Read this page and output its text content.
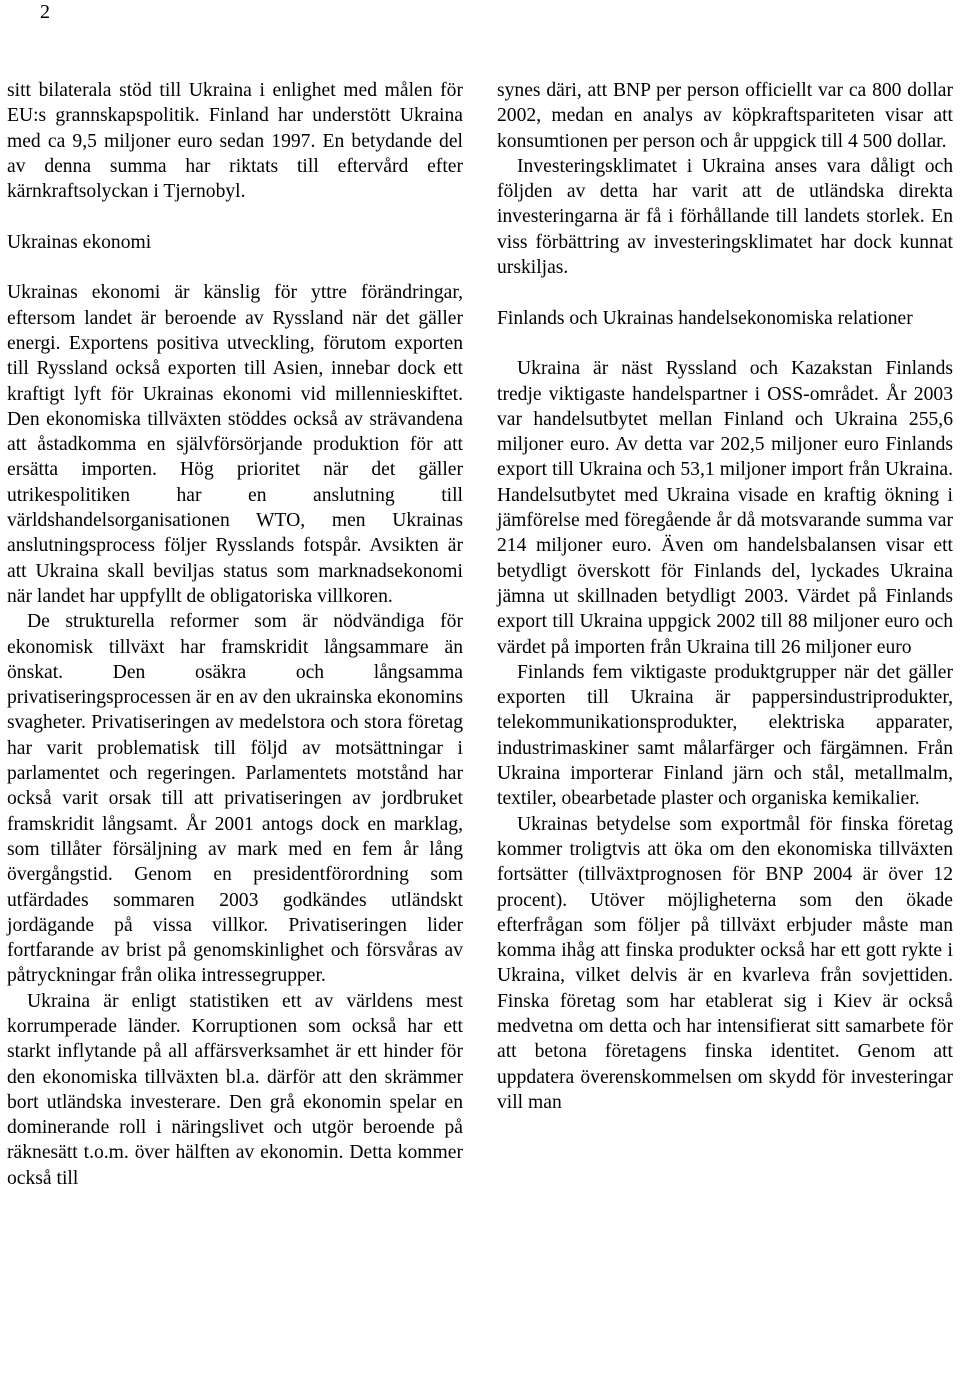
2

sitt bilaterala stöd till Ukraina i enlighet med målen för EU:s grannskapspolitik. Finland har understött Ukraina med ca 9,5 miljoner euro sedan 1997. En betydande del av denna summa har riktats till eftervård efter kärnkraftsolyckan i Tjernobyl.

Ukrainas ekonomi

Ukrainas ekonomi är känslig för yttre förändringar, eftersom landet är beroende av Ryssland när det gäller energi. Exportens positiva utveckling, förutom exporten till Ryssland också exporten till Asien, innebar dock ett kraftigt lyft för Ukrainas ekonomi vid millennieskiftet. Den ekonomiska tillväxten stöddes också av strävandena att åstadkomma en självförsörjande produktion för att ersätta importen. Hög prioritet när det gäller utrikespolitiken har en anslutning till världshandelsorganisationen WTO, men Ukrainas anslutningsprocess följer Rysslands fotspår. Avsikten är att Ukraina skall beviljas status som marknadsekonomi när landet har uppfyllt de obligatoriska villkoren.

De strukturella reformer som är nödvändiga för ekonomisk tillväxt har framskridit långsammare än önskat. Den osäkra och långsamma privatiseringsprocessen är en av den ukrainska ekonomins svagheter. Privatiseringen av medelstora och stora företag har varit problematisk till följd av motsättningar i parlamentet och regeringen. Parlamentets motstånd har också varit orsak till att privatiseringen av jordbruket framskridit långsamt. År 2001 antogs dock en marklag, som tillåter försäljning av mark med en fem år lång övergångstid. Genom en presidentförordning som utfärdades sommaren 2003 godkändes utländskt jordägande på vissa villkor. Privatiseringen lider fortfarande av brist på genomskinlighet och försvåras av påtryckningar från olika intressegrupper.

Ukraina är enligt statistiken ett av världens mest korrumperade länder. Korruptionen som också har ett starkt inflytande på all affärsverksamhet är ett hinder för den ekonomiska tillväxten bl.a. därför att den skrämmer bort utländska investerare. Den grå ekonomin spelar en dominerande roll i näringslivet och utgör beroende på räknesätt t.o.m. över hälften av ekonomin. Detta kommer också till

synes däri, att BNP per person officiellt var ca 800 dollar 2002, medan en analys av köpkraftspariteten visar att konsumtionen per person och år uppgick till 4 500 dollar.

Investeringsklimatet i Ukraina anses vara dåligt och följden av detta har varit att de utländska direkta investeringarna är få i förhållande till landets storlek. En viss förbättring av investeringsklimatet har dock kunnat urskiljas.

Finlands och Ukrainas handelsekonomiska relationer

Ukraina är näst Ryssland och Kazakstan Finlands tredje viktigaste handelspartner i OSS-området. År 2003 var handelsutbytet mellan Finland och Ukraina 255,6 miljoner euro. Av detta var 202,5 miljoner euro Finlands export till Ukraina och 53,1 miljoner import från Ukraina. Handelsutbytet med Ukraina visade en kraftig ökning i jämförelse med föregående år då motsvarande summa var 214 miljoner euro. Även om handelsbalansen visar ett betydligt överskott för Finlands del, lyckades Ukraina jämna ut skillnaden betydligt 2003. Värdet på Finlands export till Ukraina uppgick 2002 till 88 miljoner euro och värdet på importen från Ukraina till 26 miljoner euro

Finlands fem viktigaste produktgrupper när det gäller exporten till Ukraina är pappersindustriprodukter, telekommunikationsprodukter, elektriska apparater, industrimaskiner samt målarfärger och färgämnen. Från Ukraina importerar Finland järn och stål, metallmalm, textiler, obearbetade plaster och organiska kemikalier.

Ukrainas betydelse som exportmål för finska företag kommer troligtvis att öka om den ekonomiska tillväxten fortsätter (tillväxtprognosen för BNP 2004 är över 12 procent). Utöver möjligheterna som den ökade efterfrågan som följer på tillväxt erbjuder måste man komma ihåg att finska produkter också har ett gott rykte i Ukraina, vilket delvis är en kvarleva från sovjettiden. Finska företag som har etablerat sig i Kiev är också medvetna om detta och har intensifierat sitt samarbete för att betona företagens finska identitet. Genom att uppdatera överenskommelsen om skydd för investeringar vill man
